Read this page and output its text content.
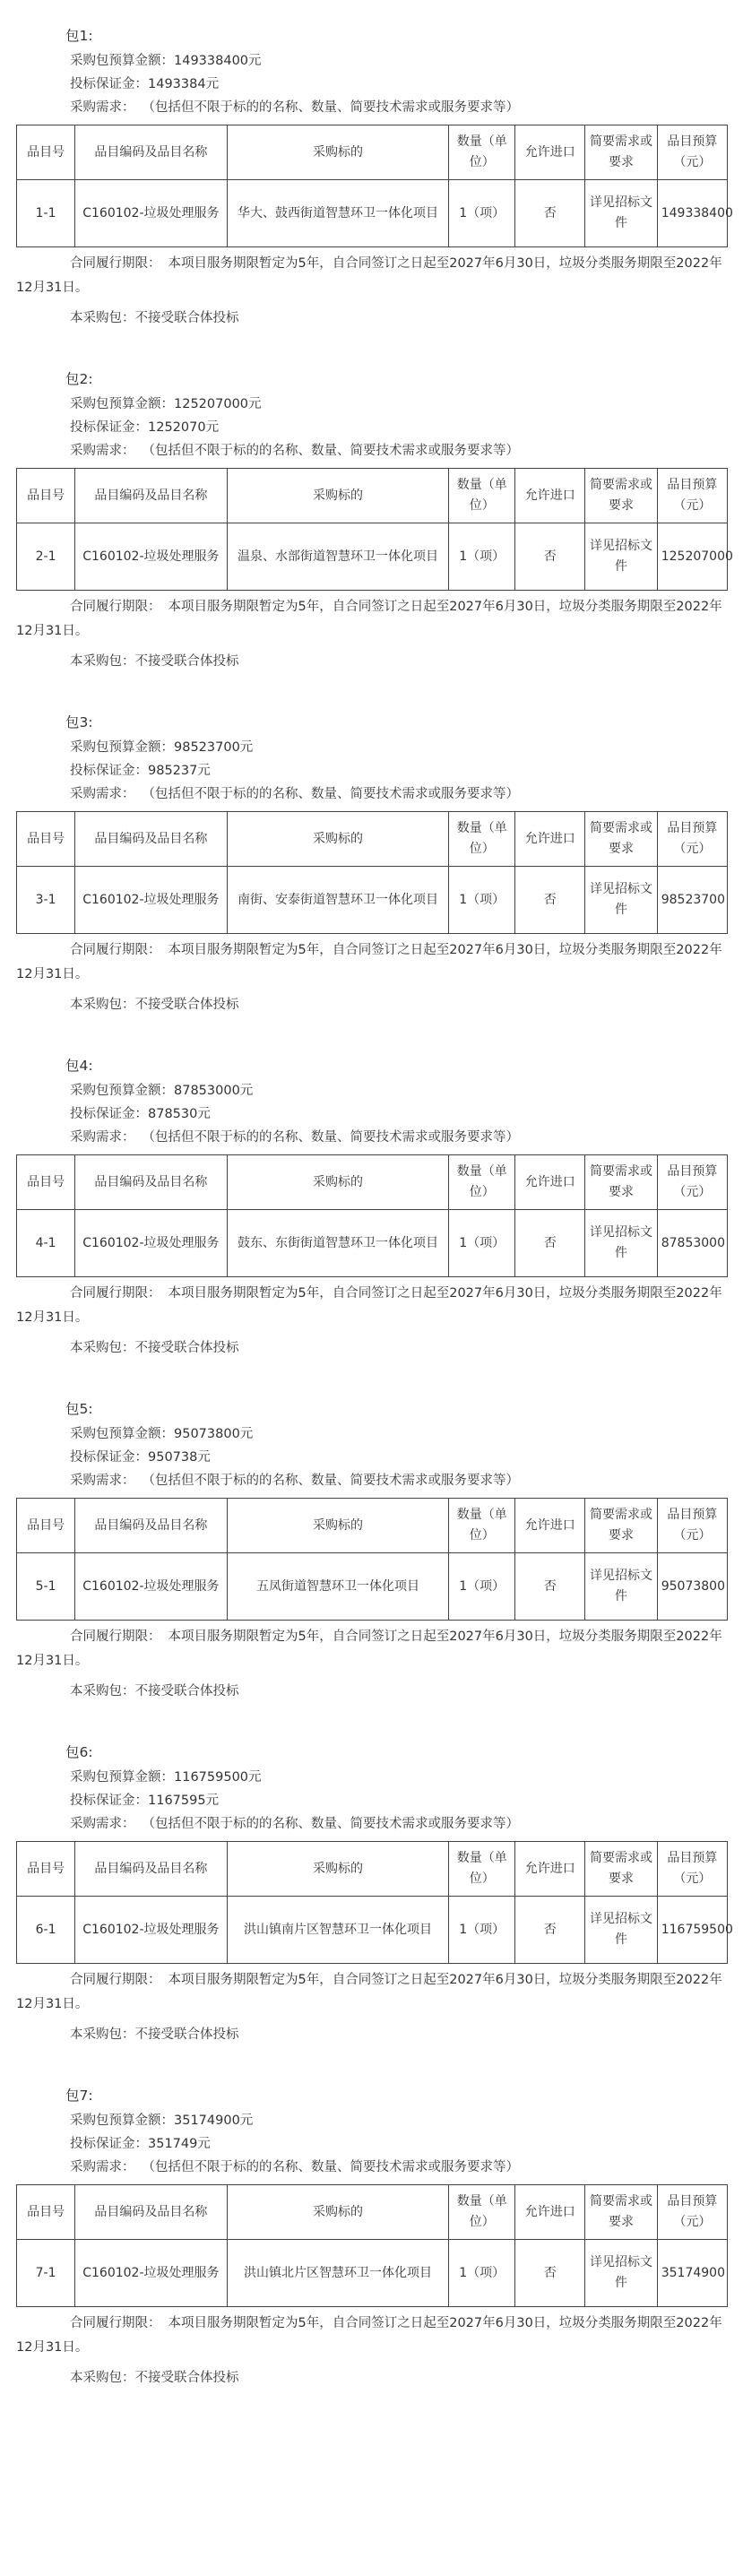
包1:
采购包预算金额：149338400元
投标保证金：1493384元
采购需求： （包括但不限于标的的名称、数量、简要技术需求或服务要求等）
品目号	品目编码及品目名称	采购标的	数量（单位）	允许进口	简要需求或要求	品目预算（元）
1-1	C160102-垃圾处理服务	华大、鼓西街道智慧环卫一体化项目	1（项）	否	详见招标文件	149338400
合同履行期限： 本项目服务期限暂定为5年，自合同签订之日起至2027年6月30日，垃圾分类服务期限至2022年12月31日。
本采购包：不接受联合体投标
包2:
采购包预算金额：125207000元
投标保证金：1252070元
采购需求： （包括但不限于标的的名称、数量、简要技术需求或服务要求等）
品目号	品目编码及品目名称	采购标的	数量（单位）	允许进口	简要需求或要求	品目预算（元）
2-1	C160102-垃圾处理服务	温泉、水部街道智慧环卫一体化项目	1（项）	否	详见招标文件	125207000
合同履行期限： 本项目服务期限暂定为5年，自合同签订之日起至2027年6月30日，垃圾分类服务期限至2022年12月31日。
本采购包：不接受联合体投标
包3:
采购包预算金额：98523700元
投标保证金：985237元
采购需求： （包括但不限于标的的名称、数量、简要技术需求或服务要求等）
品目号	品目编码及品目名称	采购标的	数量（单位）	允许进口	简要需求或要求	品目预算（元）
3-1	C160102-垃圾处理服务	南街、安泰街道智慧环卫一体化项目	1（项）	否	详见招标文件	98523700
合同履行期限： 本项目服务期限暂定为5年，自合同签订之日起至2027年6月30日，垃圾分类服务期限至2022年12月31日。
本采购包：不接受联合体投标
包4:
采购包预算金额：87853000元
投标保证金：878530元
采购需求： （包括但不限于标的的名称、数量、简要技术需求或服务要求等）
品目号	品目编码及品目名称	采购标的	数量（单位）	允许进口	简要需求或要求	品目预算（元）
4-1	C160102-垃圾处理服务	鼓东、东街街道智慧环卫一体化项目	1（项）	否	详见招标文件	87853000
合同履行期限： 本项目服务期限暂定为5年，自合同签订之日起至2027年6月30日，垃圾分类服务期限至2022年12月31日。
本采购包：不接受联合体投标
包5:
采购包预算金额：95073800元
投标保证金：950738元
采购需求： （包括但不限于标的的名称、数量、简要技术需求或服务要求等）
品目号	品目编码及品目名称	采购标的	数量（单位）	允许进口	简要需求或要求	品目预算（元）
5-1	C160102-垃圾处理服务	五凤街道智慧环卫一体化项目	1（项）	否	详见招标文件	95073800
合同履行期限： 本项目服务期限暂定为5年，自合同签订之日起至2027年6月30日，垃圾分类服务期限至2022年12月31日。
本采购包：不接受联合体投标
包6:
采购包预算金额：116759500元
投标保证金：1167595元
采购需求： （包括但不限于标的的名称、数量、简要技术需求或服务要求等）
品目号	品目编码及品目名称	采购标的	数量（单位）	允许进口	简要需求或要求	品目预算（元）
6-1	C160102-垃圾处理服务	洪山镇南片区智慧环卫一体化项目	1（项）	否	详见招标文件	116759500
合同履行期限： 本项目服务期限暂定为5年，自合同签订之日起至2027年6月30日，垃圾分类服务期限至2022年12月31日。
本采购包：不接受联合体投标
包7:
采购包预算金额：35174900元
投标保证金：351749元
采购需求： （包括但不限于标的的名称、数量、简要技术需求或服务要求等）
品目号	品目编码及品目名称	采购标的	数量（单位）	允许进口	简要需求或要求	品目预算（元）
7-1	C160102-垃圾处理服务	洪山镇北片区智慧环卫一体化项目	1（项）	否	详见招标文件	35174900
合同履行期限： 本项目服务期限暂定为5年，自合同签订之日起至2027年6月30日，垃圾分类服务期限至2022年12月31日。
本采购包：不接受联合体投标
